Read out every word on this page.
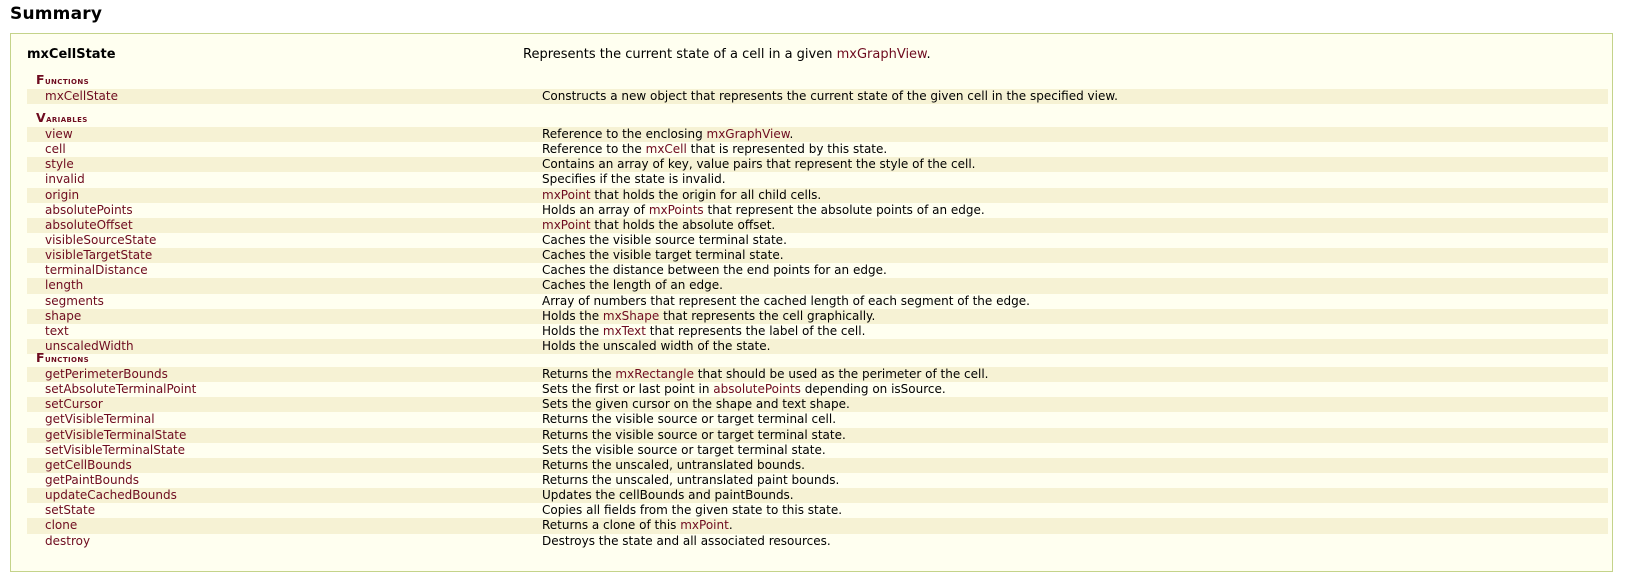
Summary
mxCellState	Represents the current state of a cell in a given mxGraphView.
Functions
mxCellState	Constructs a new object that represents the current state of the given cell in the specified view.
Variables
view	Reference to the enclosing mxGraphView.
cell	Reference to the mxCell that is represented by this state.
style	Contains an array of key, value pairs that represent the style of the cell.
invalid	Specifies if the state is invalid.
origin	mxPoint that holds the origin for all child cells.
absolutePoints	Holds an array of mxPoints that represent the absolute points of an edge.
absoluteOffset	mxPoint that holds the absolute offset.
visibleSourceState	Caches the visible source terminal state.
visibleTargetState	Caches the visible target terminal state.
terminalDistance	Caches the distance between the end points for an edge.
length	Caches the length of an edge.
segments	Array of numbers that represent the cached length of each segment of the edge.
shape	Holds the mxShape that represents the cell graphically.
text	Holds the mxText that represents the label of the cell.
unscaledWidth	Holds the unscaled width of the state.
Functions
getPerimeterBounds	Returns the mxRectangle that should be used as the perimeter of the cell.
setAbsoluteTerminalPoint	Sets the first or last point in absolutePoints depending on isSource.
setCursor	Sets the given cursor on the shape and text shape.
getVisibleTerminal	Returns the visible source or target terminal cell.
getVisibleTerminalState	Returns the visible source or target terminal state.
setVisibleTerminalState	Sets the visible source or target terminal state.
getCellBounds	Returns the unscaled, untranslated bounds.
getPaintBounds	Returns the unscaled, untranslated paint bounds.
updateCachedBounds	Updates the cellBounds and paintBounds.
setState	Copies all fields from the given state to this state.
clone	Returns a clone of this mxPoint.
destroy	Destroys the state and all associated resources.
